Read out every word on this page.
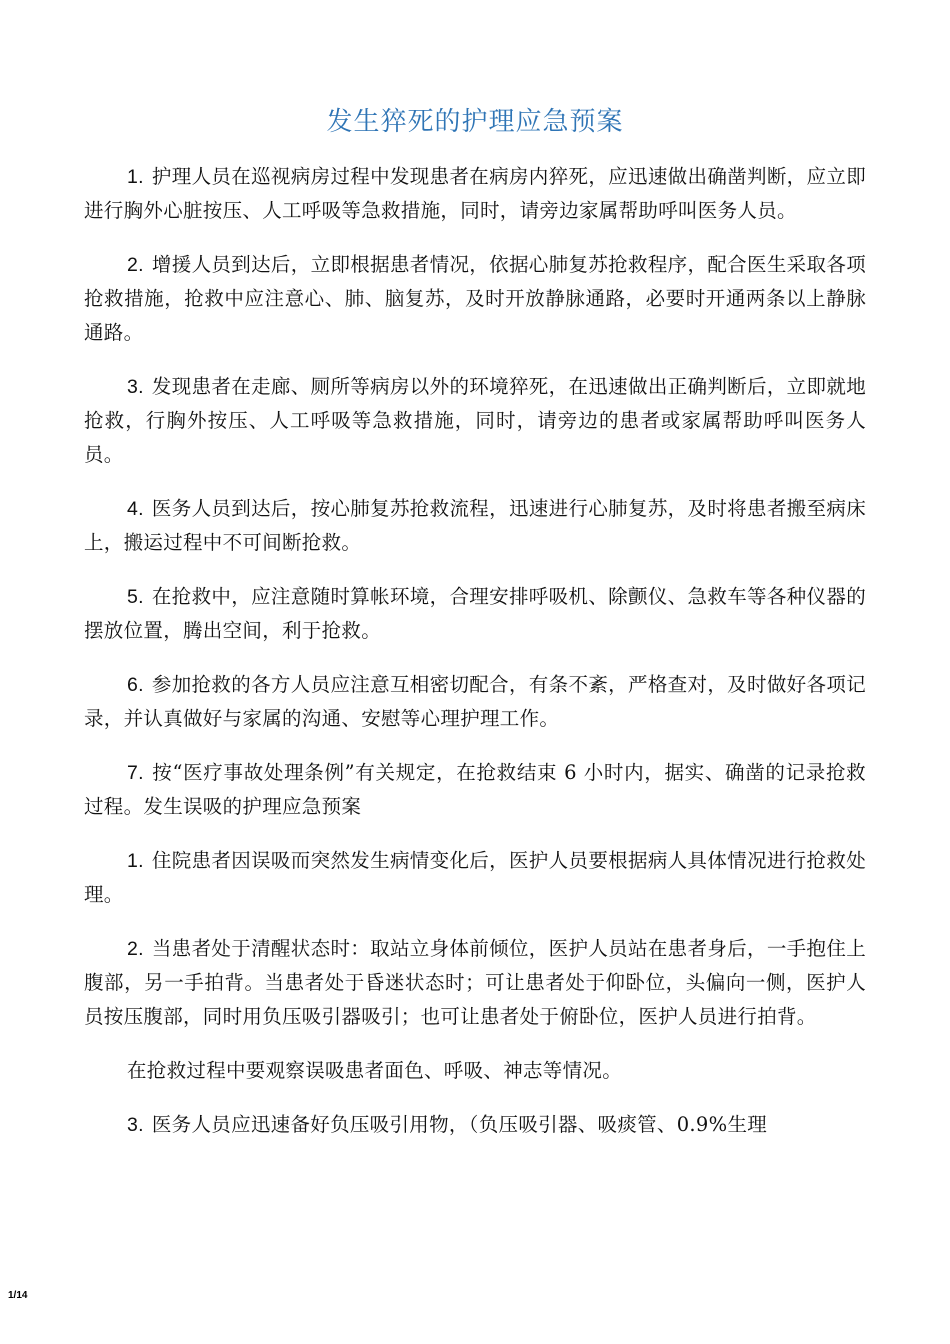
发生猝死的护理应急预案

1. 护理人员在巡视病房过程中发现患者在病房内猝死，应迅速做出确凿判断，应立即进行胸外心脏按压、人工呼吸等急救措施，同时，请旁边家属帮助呼叫医务人员。

2. 增援人员到达后，立即根据患者情况，依据心肺复苏抢救程序，配合医生采取各项抢救措施，抢救中应注意心、肺、脑复苏，及时开放静脉通路，必要时开通两条以上静脉通路。

3. 发现患者在走廊、厕所等病房以外的环境猝死，在迅速做出正确判断后，立即就地抢救，行胸外按压、人工呼吸等急救措施，同时，请旁边的患者或家属帮助呼叫医务人员。

4. 医务人员到达后，按心肺复苏抢救流程，迅速进行心肺复苏，及时将患者搬至病床上，搬运过程中不可间断抢救。

5. 在抢救中，应注意随时算帐环境，合理安排呼吸机、除颤仪、急救车等各种仪器的摆放位置，腾出空间，利于抢救。

6. 参加抢救的各方人员应注意互相密切配合，有条不紊，严格查对，及时做好各项记录，并认真做好与家属的沟通、安慰等心理护理工作。

7. 按“医疗事故处理条例”有关规定，在抢救结束 6 小时内，据实、确凿的记录抢救过程。发生误吸的护理应急预案

1. 住院患者因误吸而突然发生病情变化后，医护人员要根据病人具体情况进行抢救处理。

2. 当患者处于清醒状态时：取站立身体前倾位，医护人员站在患者身后，一手抱住上腹部，另一手拍背。当患者处于昏迷状态时；可让患者处于仰卧位，头偏向一侧，医护人员按压腹部，同时用负压吸引器吸引；也可让患者处于俯卧位，医护人员进行拍背。

在抢救过程中要观察误吸患者面色、呼吸、神志等情况。

3. 医务人员应迅速备好负压吸引用物，（负压吸引器、吸痰管、0.9%生理

1/14
